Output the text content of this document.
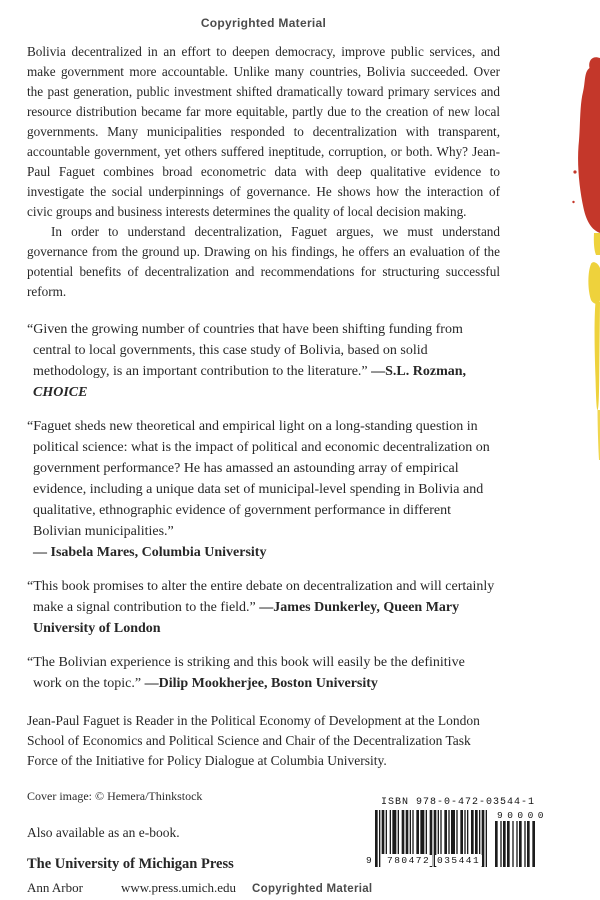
Copyrighted Material

Bolivia decentralized in an effort to deepen democracy, improve public services, and make government more accountable. Unlike many countries, Bolivia succeeded. Over the past generation, public investment shifted dramatically toward primary services and resource distribution became far more equitable, partly due to the creation of new local governments. Many municipalities responded to decentralization with transparent, accountable government, yet others suffered ineptitude, corruption, or both. Why? Jean-Paul Faguet combines broad econometric data with deep qualitative evidence to investigate the social underpinnings of governance. He shows how the interaction of civic groups and business interests determines the quality of local decision making.

In order to understand decentralization, Faguet argues, we must understand governance from the ground up. Drawing on his findings, he offers an evaluation of the potential benefits of decentralization and recommendations for structuring successful reform.

“Given the growing number of countries that have been shifting funding from central to local governments, this case study of Bolivia, based on solid methodology, is an important contribution to the literature.” —S.L. Rozman, CHOICE

“Faguet sheds new theoretical and empirical light on a long-standing question in political science: what is the impact of political and economic decentralization on government performance? He has amassed an astounding array of empirical evidence, including a unique data set of municipal-level spending in Bolivia and qualitative, ethnographic evidence of government performance in different Bolivian municipalities.”
— Isabela Mares, Columbia University

“This book promises to alter the entire debate on decentralization and will certainly make a signal contribution to the field.” —James Dunkerley, Queen Mary University of London

“The Bolivian experience is striking and this book will easily be the definitive work on the topic.” —Dilip Mookherjee, Boston University

Jean-Paul Faguet is Reader in the Political Economy of Development at the London School of Economics and Political Science and Chair of the Decentralization Task Force of the Initiative for Policy Dialogue at Columbia University.
Cover image: © Hemera/Thinkstock
Also available as an e-book.
The University of Michigan Press
Ann Arbor	www.press.umich.edu Copyrighted Material
ISBN 978-0-472-03544-1
9 780472 035441
90000
